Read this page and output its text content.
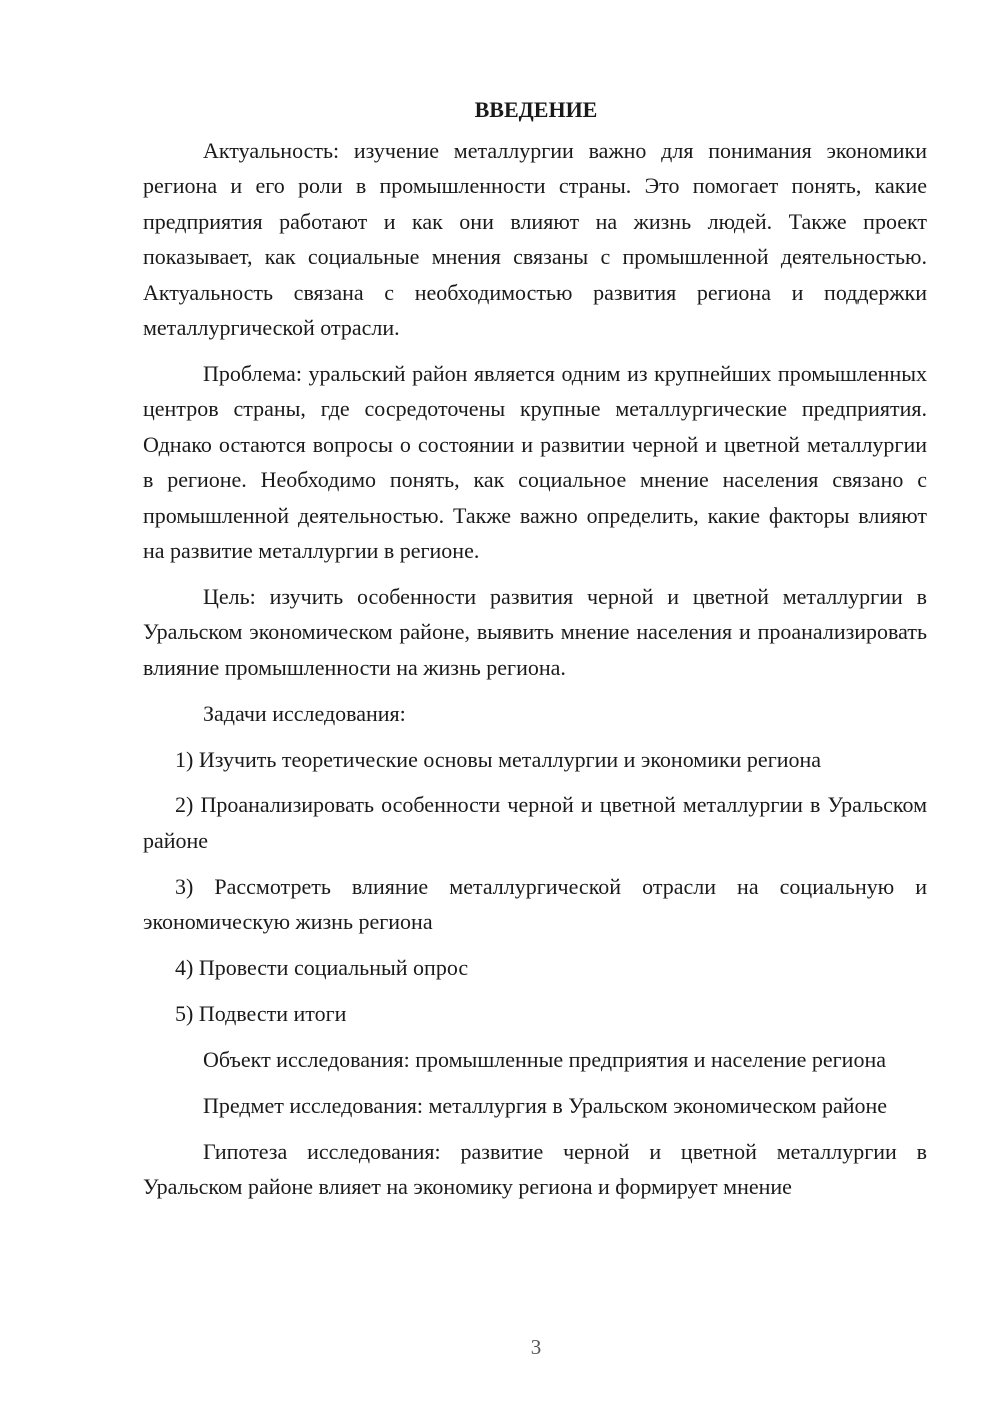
ВВЕДЕНИЕ

Актуальность: изучение металлургии важно для понимания экономики региона и его роли в промышленности страны. Это помогает понять, какие предприятия работают и как они влияют на жизнь людей. Также проект показывает, как социальные мнения связаны с промышленной деятельностью. Актуальность связана с необходимостью развития региона и поддержки металлургической отрасли.

Проблема: уральский район является одним из крупнейших промышленных центров страны, где сосредоточены крупные металлургические предприятия. Однако остаются вопросы о состоянии и развитии черной и цветной металлургии в регионе. Необходимо понять, как социальное мнение населения связано с промышленной деятельностью. Также важно определить, какие факторы влияют на развитие металлургии в регионе.

Цель: изучить особенности развития черной и цветной металлургии в Уральском экономическом районе, выявить мнение населения и проанализировать влияние промышленности на жизнь региона.

Задачи исследования:

1) Изучить теоретические основы металлургии и экономики региона

2) Проанализировать особенности черной и цветной металлургии в Уральском районе

3) Рассмотреть влияние металлургической отрасли на социальную и экономическую жизнь региона

4) Провести социальный опрос

5) Подвести итоги

Объект исследования: промышленные предприятия и население региона

Предмет исследования: металлургия в Уральском экономическом районе

Гипотеза исследования: развитие черной и цветной металлургии в Уральском районе влияет на экономику региона и формирует мнение

3
